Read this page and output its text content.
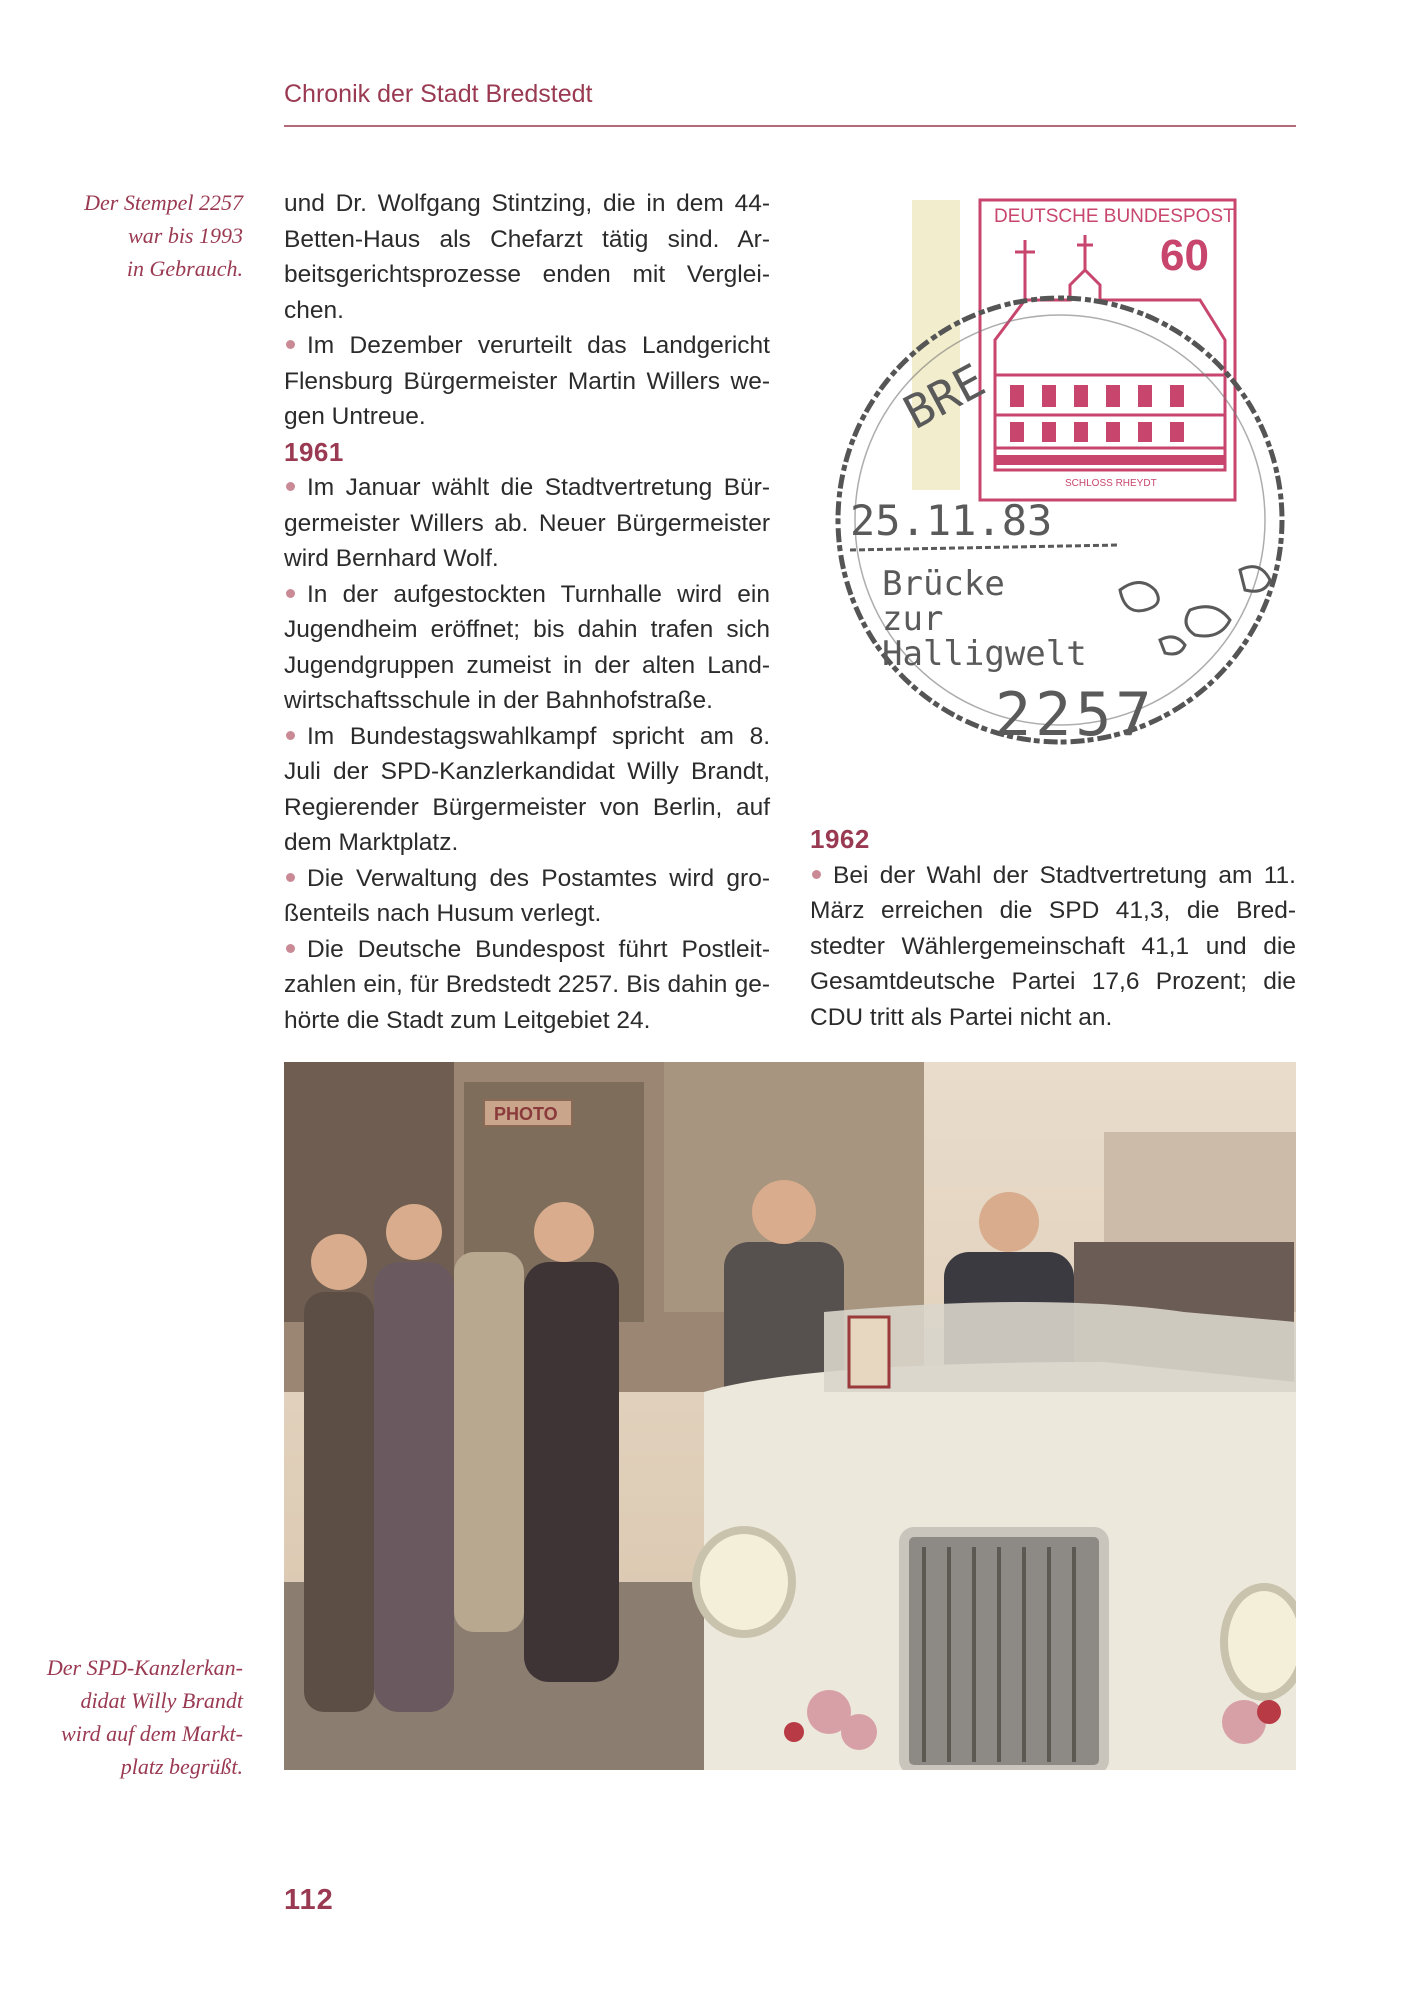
Chronik der Stadt Bredstedt
Der Stempel 2257
war bis 1993
in Gebrauch.
Der SPD-Kanzlerkan-
didat Willy Brandt
wird auf dem Markt-
platz begrüßt.

und Dr. Wolfgang Stintzing, die in dem 44-Betten-Haus als Chefarzt tätig sind. Arbeitsgerichtsprozesse enden mit Vergleichen.

Im Dezember verurteilt das Landgericht Flensburg Bürgermeister Martin Willers wegen Untreue.

1961

Im Januar wählt die Stadtvertretung Bürgermeister Willers ab. Neuer Bürgermeister wird Bernhard Wolf.

In der aufgestockten Turnhalle wird ein Jugendheim eröffnet; bis dahin trafen sich Jugendgruppen zumeist in der alten Landwirtschaftsschule in der Bahnhofstraße.

Im Bundestagswahlkampf spricht am 8. Juli der SPD-Kanzlerkandidat Willy Brandt, Regierender Bürgermeister von Berlin, auf dem Marktplatz.

Die Verwaltung des Postamtes wird großenteils nach Husum verlegt.

Die Deutsche Bundespost führt Postleitzahlen ein, für Bredstedt 2257. Bis dahin gehörte die Stadt zum Leitgebiet 24.

DEUTSCHE BUNDESPOST
60
SCHLOSS RHEYDT
BRE
25.11.83
Brücke
zur
Halligwelt
2257
1962

Bei der Wahl der Stadtvertretung am 11. März erreichen die SPD 41,3, die Bredstedter Wählergemeinschaft 41,1 und die Gesamtdeutsche Partei 17,6 Prozent; die CDU tritt als Partei nicht an.

PHOTO
112
